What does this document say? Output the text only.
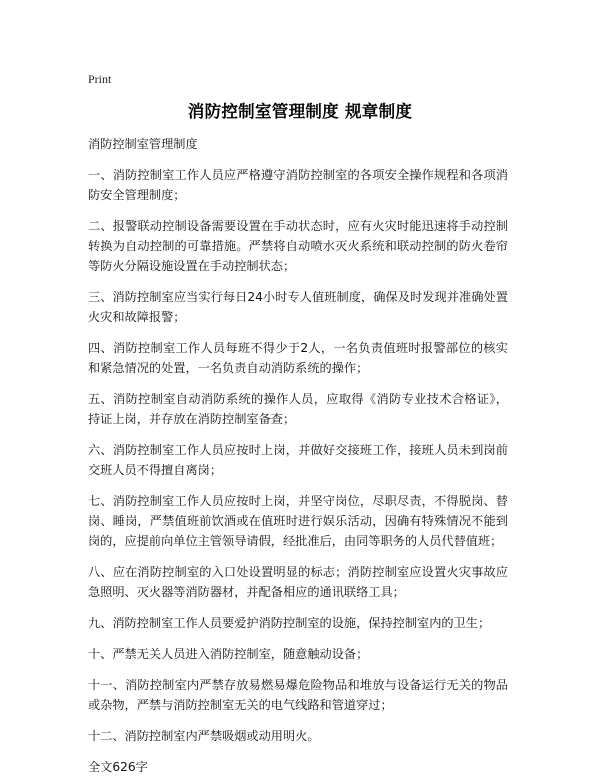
Print
消防控制室管理制度 规章制度

消防控制室管理制度

一、消防控制室工作人员应严格遵守消防控制室的各项安全操作规程和各项消防安全管理制度；

二、报警联动控制设备需要设置在手动状态时，应有火灾时能迅速将手动控制转换为自动控制的可靠措施。严禁将自动喷水灭火系统和联动控制的防火卷帘等防火分隔设施设置在手动控制状态；

三、消防控制室应当实行每日24小时专人值班制度，确保及时发现并准确处置火灾和故障报警；

四、消防控制室工作人员每班不得少于2人，一名负责值班时报警部位的核实和紧急情况的处置，一名负责自动消防系统的操作；

五、消防控制室自动消防系统的操作人员，应取得《消防专业技术合格证》，持证上岗，并存放在消防控制室备查；

六、消防控制室工作人员应按时上岗，并做好交接班工作，接班人员未到岗前交班人员不得擅自离岗；

七、消防控制室工作人员应按时上岗，并坚守岗位，尽职尽责，不得脱岗、替岗、睡岗，严禁值班前饮酒或在值班时进行娱乐活动，因确有特殊情况不能到岗的，应提前向单位主管领导请假，经批准后，由同等职务的人员代替值班；

八、应在消防控制室的入口处设置明显的标志；消防控制室应设置火灾事故应急照明、灭火器等消防器材，并配备相应的通讯联络工具；

九、消防控制室工作人员要爱护消防控制室的设施，保持控制室内的卫生；

十、严禁无关人员进入消防控制室，随意触动设备；

十一、消防控制室内严禁存放易燃易爆危险物品和堆放与设备运行无关的物品或杂物，严禁与消防控制室无关的电气线路和管道穿过；

十二、消防控制室内严禁吸烟或动用明火。

全文626字
